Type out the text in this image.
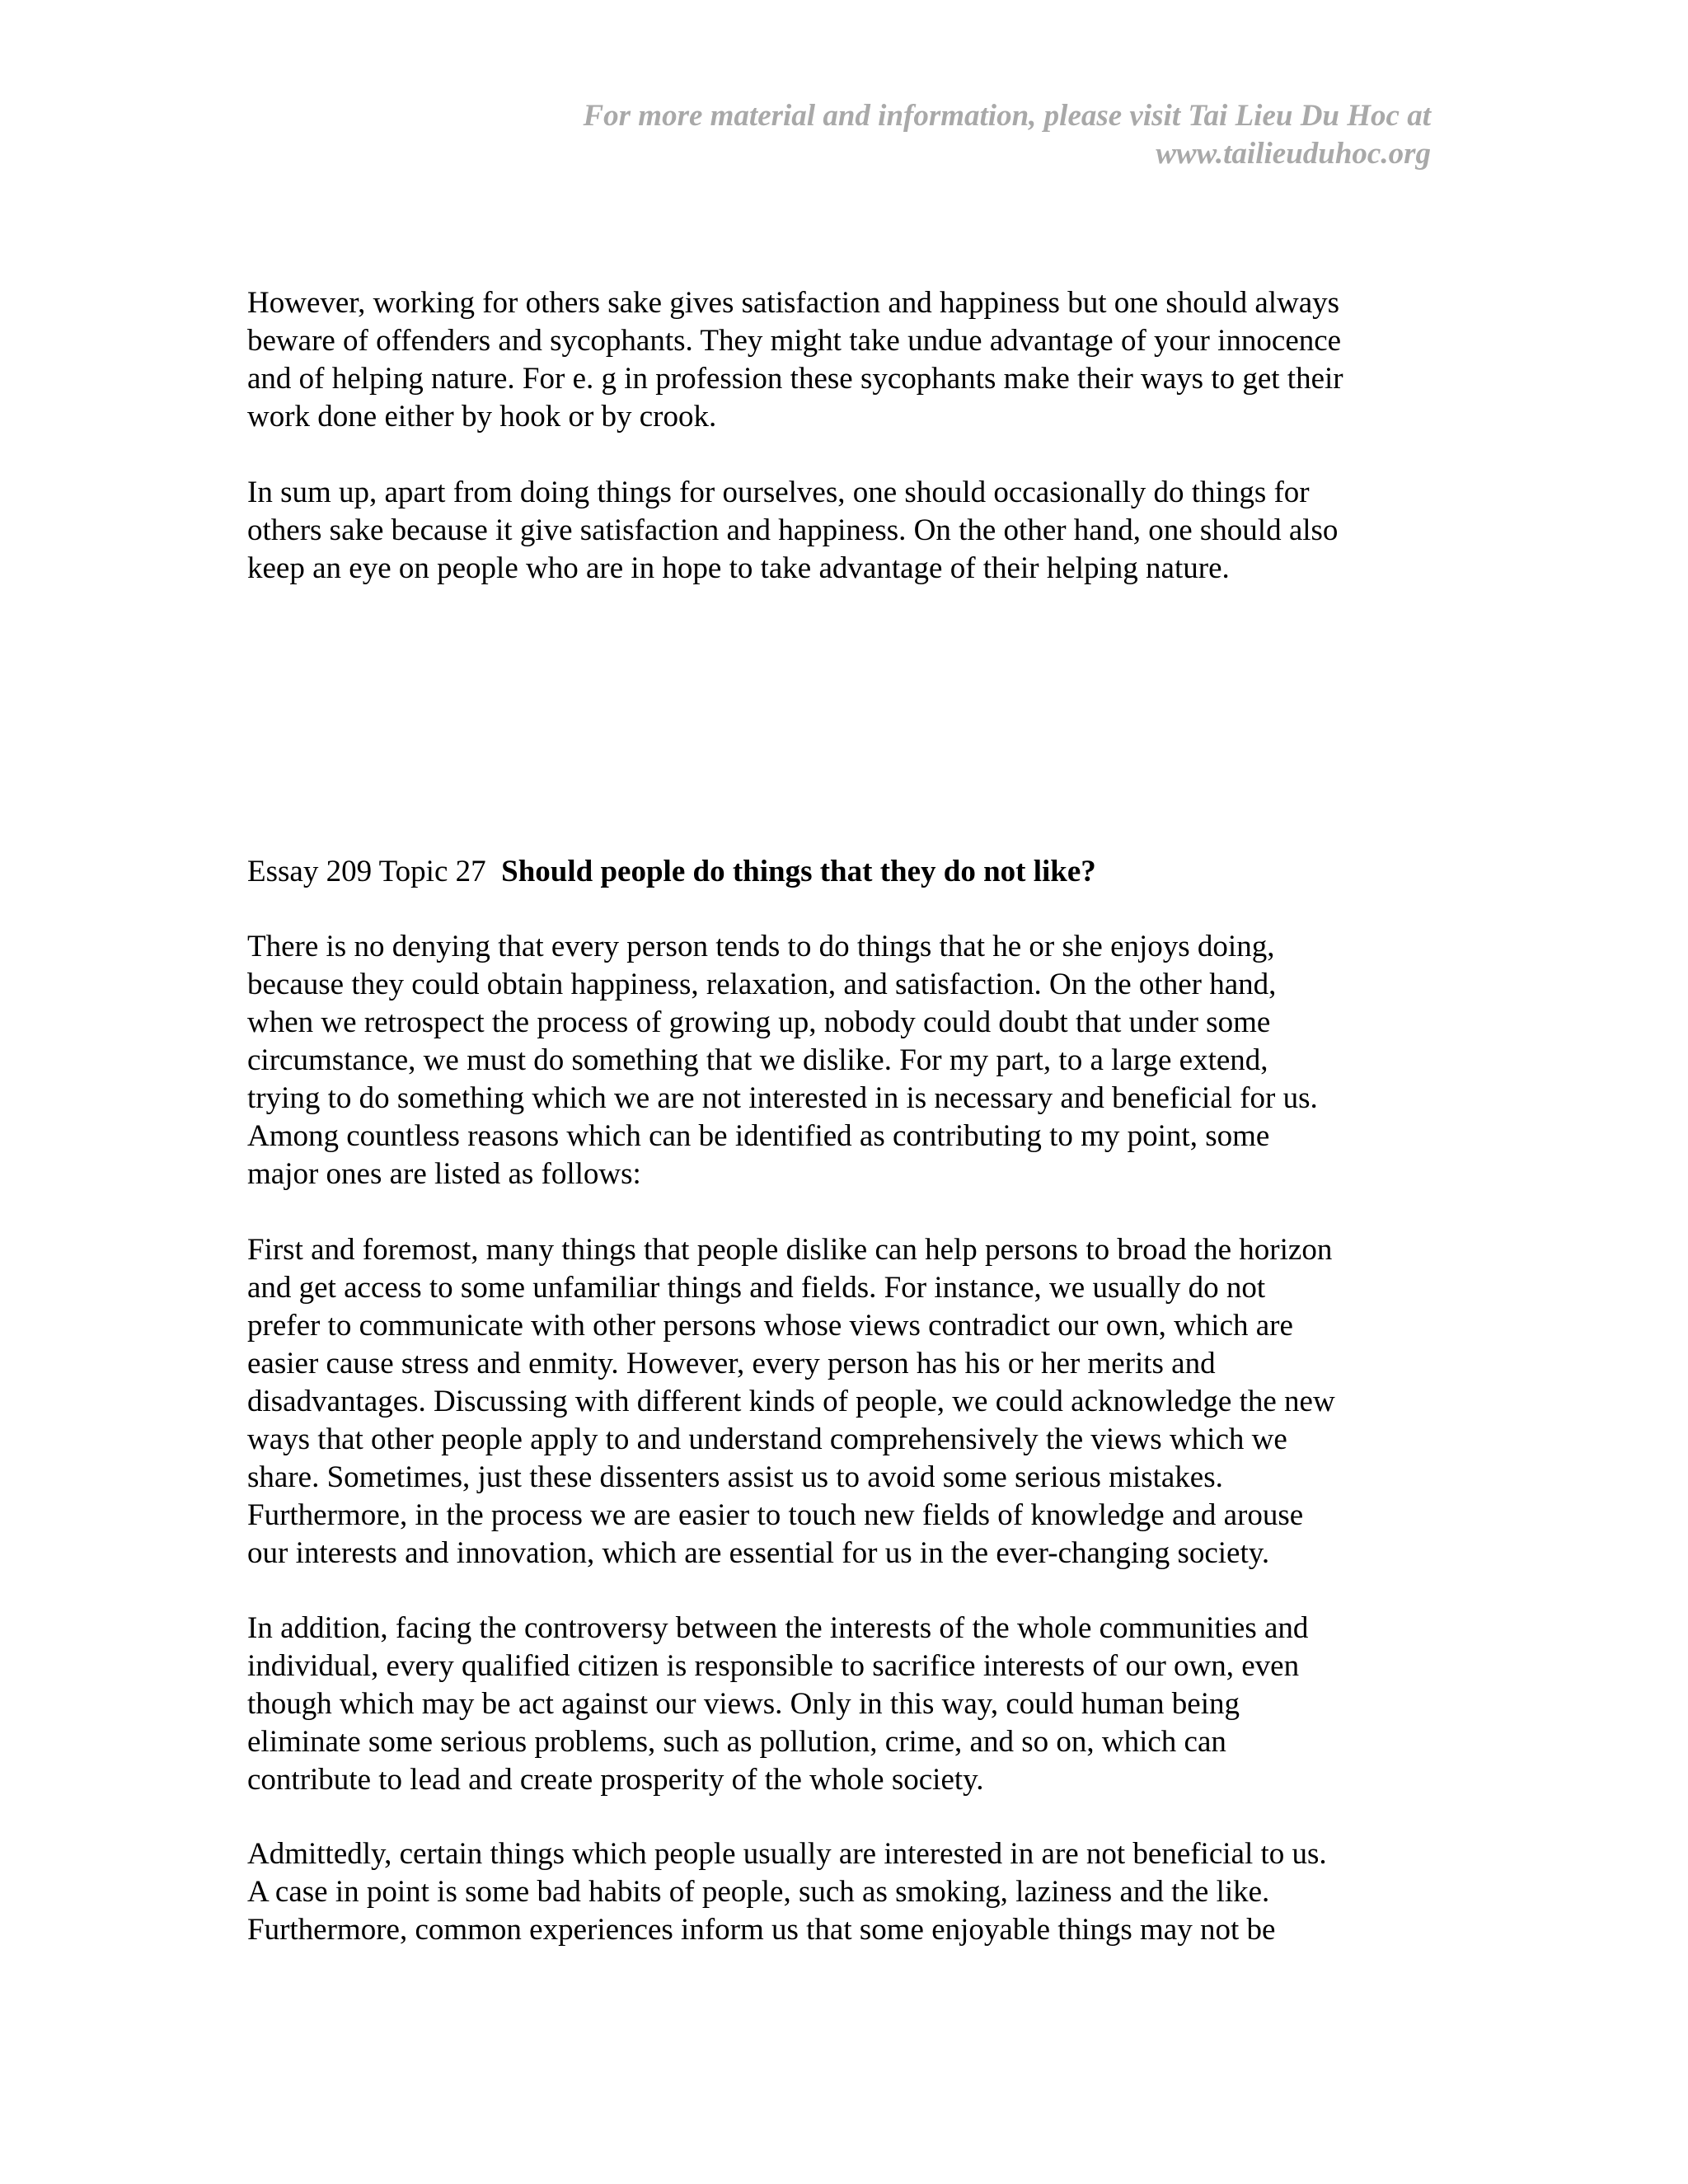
For more material and information, please visit Tai Lieu Du Hoc at
www.tailieuduhoc.org

However, working for others sake gives satisfaction and happiness but one should always
beware of offenders and sycophants. They might take undue advantage of your innocence
and of helping nature. For e. g in profession these sycophants make their ways to get their
work done either by hook or by crook.

In sum up, apart from doing things for ourselves, one should occasionally do things for
others sake because it give satisfaction and happiness. On the other hand, one should also
keep an eye on people who are in hope to take advantage of their helping nature.

Essay 209 Topic 27 Should people do things that they do not like?

There is no denying that every person tends to do things that he or she enjoys doing,
because they could obtain happiness, relaxation, and satisfaction. On the other hand,
when we retrospect the process of growing up, nobody could doubt that under some
circumstance, we must do something that we dislike. For my part, to a large extend,
trying to do something which we are not interested in is necessary and beneficial for us.
Among countless reasons which can be identified as contributing to my point, some
major ones are listed as follows:

First and foremost, many things that people dislike can help persons to broad the horizon
and get access to some unfamiliar things and fields. For instance, we usually do not
prefer to communicate with other persons whose views contradict our own, which are
easier cause stress and enmity. However, every person has his or her merits and
disadvantages. Discussing with different kinds of people, we could acknowledge the new
ways that other people apply to and understand comprehensively the views which we
share. Sometimes, just these dissenters assist us to avoid some serious mistakes.
Furthermore, in the process we are easier to touch new fields of knowledge and arouse
our interests and innovation, which are essential for us in the ever-changing society.

In addition, facing the controversy between the interests of the whole communities and
individual, every qualified citizen is responsible to sacrifice interests of our own, even
though which may be act against our views. Only in this way, could human being
eliminate some serious problems, such as pollution, crime, and so on, which can
contribute to lead and create prosperity of the whole society.

Admittedly, certain things which people usually are interested in are not beneficial to us.
A case in point is some bad habits of people, such as smoking, laziness and the like.
Furthermore, common experiences inform us that some enjoyable things may not be
